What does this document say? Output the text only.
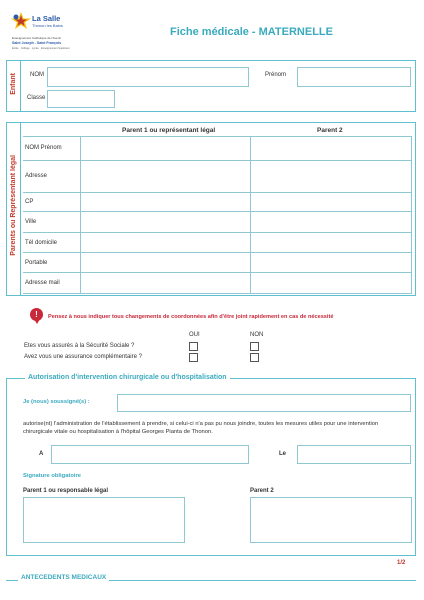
La Salle
Thonon les Bains
Enseignement Catholique de l'Avenir
Saint Joseph - Saint François
École · Collège · Lycée · Enseignement Supérieur
Fiche médicale - MATERNELLE
Enfant NOM	Prénom
Classe
Parents ou Représentant légal
Parent 1 ou représentant légal	Parent 2
NOM Prénom
Adresse
CP
Ville
Tél domicile
Portable
Adresse mail
!	Pensez à nous indiquer tous changements de coordonnées afin d'être joint rapidement en cas de nécessité
OUI	NON
Etes vous assurés à la Sécurité Sociale ?
Avez vous une assurance complémentaire ?
Autorisation d'intervention chirurgicale ou d'hospitalisation
Je (nous) soussigné(s) :
autorise(nt) l'administration de l'établissement à prendre, si celui-ci n'a pas pu nous joindre, toutes les mesures utiles pour une intervention chirurgicale vitale ou hospitalisation à l'hôpital Georges Pianta de Thonon.
A	Le
Signature obligatoire
Parent 1 ou responsable légal	Parent 2
1/2
ANTECEDENTS MEDICAUX
